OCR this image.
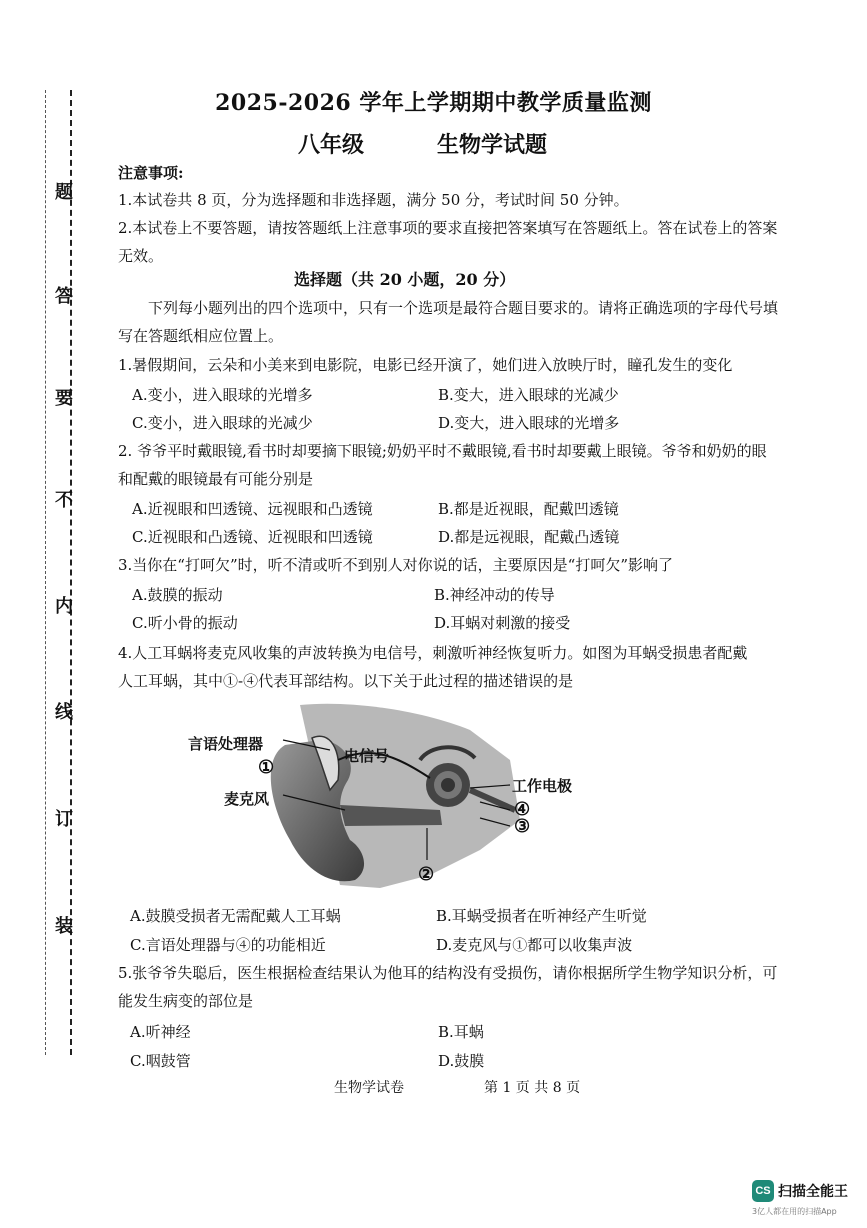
题
答
要
不
内
线
订
装
2025-2026 学年上学期期中教学质量监测
八年级	生物学试题
注意事项:
1.本试卷共 8 页，分为选择题和非选择题，满分 50 分，考试时间 50 分钟。
2.本试卷上不要答题，请按答题纸上注意事项的要求直接把答案填写在答题纸上。答在试卷上的答案
无效。
选择题（共 20 小题，20 分）
下列每小题列出的四个选项中，只有一个选项是最符合题目要求的。请将正确选项的字母代号填
写在答题纸相应位置上。
1.暑假期间，云朵和小美来到电影院，电影已经开演了，她们进入放映厅时，瞳孔发生的变化
A.变小，进入眼球的光增多	B.变大，进入眼球的光减少
C.变小，进入眼球的光减少	D.变大，进入眼球的光增多
2. 爷爷平时戴眼镜,看书时却要摘下眼镜;奶奶平时不戴眼镜,看书时却要戴上眼镜。爷爷和奶奶的眼
和配戴的眼镜最有可能分别是
A.近视眼和凹透镜、远视眼和凸透镜	B.都是近视眼，配戴凹透镜
C.近视眼和凸透镜、近视眼和凹透镜	D.都是远视眼，配戴凸透镜
3.当你在“打呵欠”时，听不清或听不到别人对你说的话，主要原因是“打呵欠”影响了
A.鼓膜的振动	B.神经冲动的传导
C.听小骨的振动	D.耳蜗对刺激的接受
4.人工耳蜗将麦克风收集的声波转换为电信号，刺激听神经恢复听力。如图为耳蜗受损患者配戴
人工耳蜗，其中①-④代表耳部结构。以下关于此过程的描述错误的是
言语处理器
①
电信号
工作电极
麦克风	④
③
②
A.鼓膜受损者无需配戴人工耳蜗	B.耳蜗受损者在听神经产生听觉
C.言语处理器与④的功能相近	D.麦克风与①都可以收集声波
5.张爷爷失聪后，医生根据检查结果认为他耳的结构没有受损伤，请你根据所学生物学知识分析，可
能发生病变的部位是
A.听神经	B.耳蜗
C.咽鼓管	D.鼓膜
生物学试卷	第 1 页 共 8 页
CS 扫描全能王
3亿人都在用的扫描App
